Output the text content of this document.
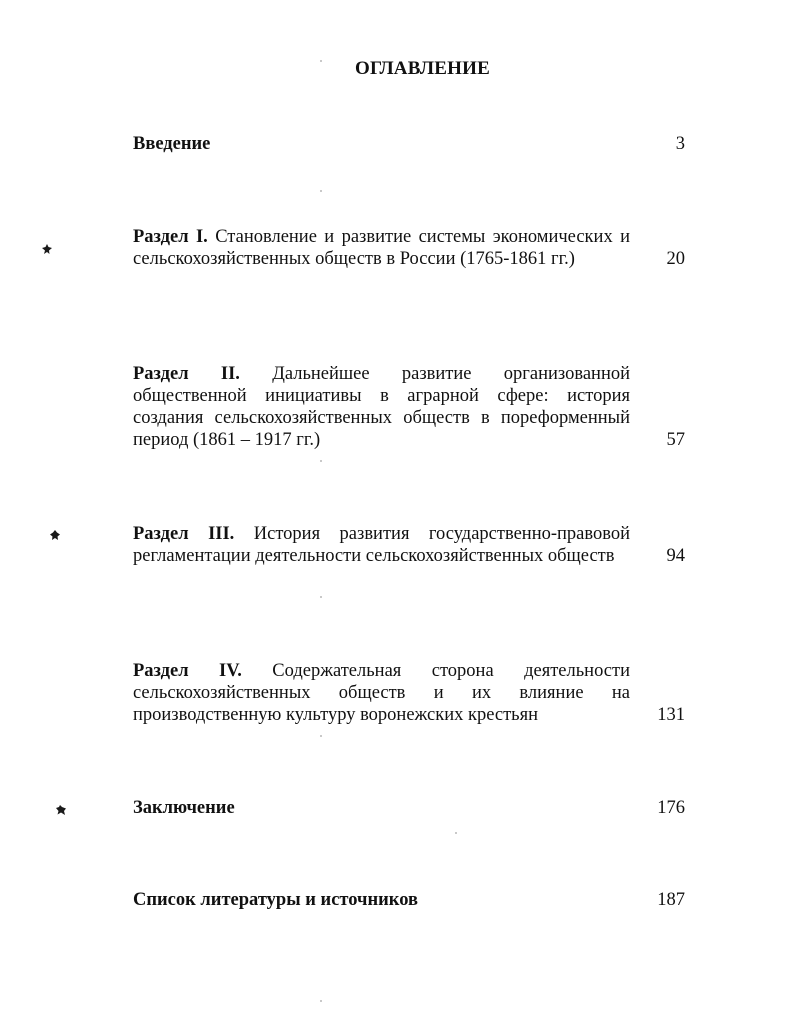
ОГЛАВЛЕНИЕ
Введение	3
Раздел I. Становление и развитие системы экономических и сельскохозяйственных обществ в России (1765-1861 гг.)	20
Раздел II. Дальнейшее развитие организованной общественной инициативы в аграрной сфере: история создания сельскохозяйственных обществ в пореформенный период (1861 – 1917 гг.)	57
Раздел III. История развития государственно-правовой регламентации деятельности сельскохозяйственных обществ	94
Раздел IV. Содержательная сторона деятельности сельскохозяйственных обществ и их влияние на производственную культуру воронежских крестьян	131
Заключение	176
Список литературы и источников	187
